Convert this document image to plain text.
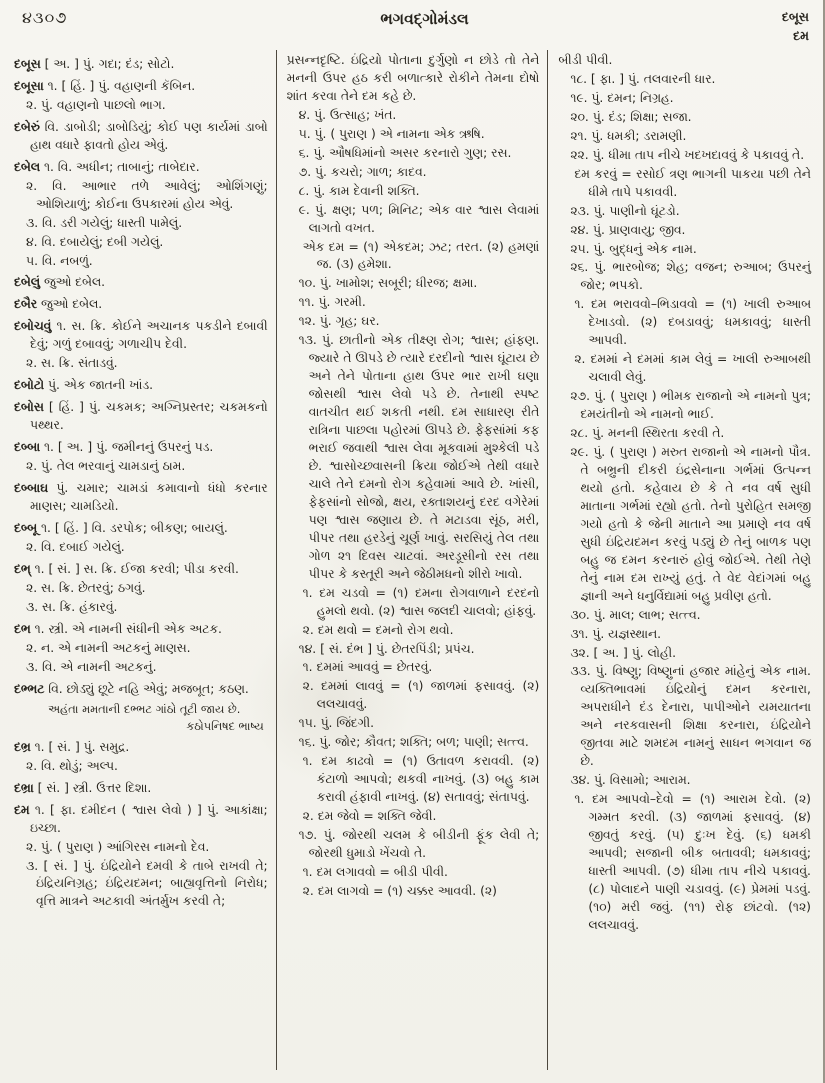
૪૩૦૭	ભગવદ્ગોમંડલ	દબૂસ
દમ

દબૂસ [ અ. ] પું. ગદા; દંડ; સોટો.

દબૂસા ૧. [ હિં. ] પું. વહાણની કૅબિન.

૨. પું. વહાણનો પાછલો ભાગ.

દબેરું વિ. ડાબોડી; ડાબોડિયું; કોઈ પણ કાર્યમાં ડાબો હાથ વધારે ફાવતો હોય એવું.

દબેલ ૧. વિ. અધીન; તાબાનું; તાબેદાર.

૨. વિ. આભાર તળે આવેલું; ઓશિંગણું; ઓશિયાળું; કોઈના ઉપકારમાં હોય એવું.

૩. વિ. ડરી ગયેલું; ધાસ્તી પામેલું.

૪. વિ. દબાયેલું; દબી ગયેલું.

૫. વિ. નબળું.

દબેલું જુઓ દબેલ.

દબૈર જુઓ દબેલ.

દબોચવું ૧. સ. ક્રિ. કોઈને અચાનક પકડીને દબાવી દેવું; ગળું દબાવવું; ગળાચીપ દેવી.

૨. સ. ક્રિ. સંતાડવું.

દબોટો પું. એક જાતની ખાંડ.

દબોસ [ હિં. ] પું. ચકમક; અગ્નિપ્રસ્તર; ચકમકનો પથ્થર.

દબ્બા ૧. [ અ. ] પું. જમીનનું ઉપરનું પડ.

૨. પું. તેલ ભરવાનું ચામડાનું ઠામ.

દબ્બાઘ પું. ચમાર; ચામડાં કમાવાનો ધંધો કરનાર માણસ; ચામડિયો.

દબ્બૂ ૧. [ હિં. ] વિ. ડરપોક; બીકણ; બાયલું.

૨. વિ. દબાઈ ગયેલું.

દભ્ ૧. [ સં. ] સ. ક્રિ. ઈજા કરવી; પીડા કરવી.

૨. સ. ક્રિ. છેતરવું; ઠગવું.

૩. સ. ક્રિ. હંકારવું.

દભ ૧. સ્ત્રી. એ નામની સંધીની એક અટક.

૨. ન. એ નામની અટકનું માણસ.

૩. વિ. એ નામની અટકનું.

દભ્ભટ વિ. છોડ્યું છૂટે નહિ એવું; મજબૂત; કઠણ.

અહંતા મમતાની દભ્ભટ ગાંઠો તૂટી જાય છે.

કઠોપનિષદ ભાષ્ય

દભ્ર ૧. [ સં. ] પું. સમુદ્ર.

૨. વિ. થોડું; અલ્પ.

દભ્રા [ સં. ] સ્ત્રી. ઉત્તર દિશા.

દમ ૧. [ ફા. દમીદન ( શ્વાસ લેવો ) ] પું. આકાંક્ષા; ઇચ્છા.

૨. પું. ( પુરાણ ) આંગિરસ નામનો દેવ.

૩. [ સં. ] પું. ઇંદ્રિયોને દમવી કે તાબે રાખવી તે; ઇંદ્રિયનિગ્રહ; ઇંદ્રિયદમન; બાહ્યવૃત્તિનો નિરોધ; વૃત્તિ માત્રને અટકાવી અંતર્મુખ કરવી તે;

પ્રસન્નદૃષ્ટિ. ઇંદ્રિયો પોતાના દુર્ગુણો ન છોડે તો તેને મનની ઉપર હઠ કરી બળાત્કારે રોકીને તેમના દોષો શાંત કરવા તેને દમ કહે છે.

૪. પું. ઉત્સાહ; ખંત.

૫. પું. ( પુરાણ ) એ નામના એક ઋષિ.

૬. પું. ઔષધિમાંનો અસર કરનારો ગુણ; રસ.

૭. પું. કચરો; ગાળ; કાદવ.

૮. પું. કામ દેવાની શક્તિ.

૯. પું. ક્ષણ; પળ; મિનિટ; એક વાર શ્વાસ લેવામાં લાગતો વખત.

એક દમ = (૧) એકદમ; ઝટ; તરત. (૨) હમણાં જ. (૩) હમેશા.

૧૦. પું. ખામોશ; સબૂરી; ધીરજ; ક્ષમા.

૧૧. પું. ગરમી.

૧૨. પું. ગૃહ; ઘર.

૧૩. પું. છાતીનો એક તીક્ષ્ણ રોગ; શ્વાસ; હાંફણ. જ્યારે તે ઊપડે છે ત્યારે દરદીનો શ્વાસ ઘૂંટાય છે અને તેને પોતાના હાથ ઉપર ભાર રાખી ઘણા જોસથી શ્વાસ લેવો પડે છે. તેનાથી સ્પષ્ટ વાતચીત થઈ શકતી નથી. દમ સાધારણ રીતે રાત્રિના પાછલા પહોરમાં ઊપડે છે. ફેફસાંમાં કફ ભરાઈ જવાથી શ્વાસ લેવા મૂકવામાં મુશ્કેલી પડે છે. શ્વાસોચ્છ્વાસની ક્રિયા જોઈએ તેથી વધારે ચાલે તેને દમનો રોગ કહેવામાં આવે છે. ખાંસી, ફેફસાંનો સોજો, ક્ષય, રક્તાશયનું દરદ વગેરેમાં પણ શ્વાસ જણાય છે. તે મટાડવા સૂંઠ, મરી, પીપર તથા હરડેનું ચૂર્ણ ખાવું. સરસિયું તેલ તથા ગોળ ૨૧ દિવસ ચાટવાં. અરડૂસીનો રસ તથા પીપર કે કસ્તૂરી અને જેઠીમધનો શીરો ખાવો.

૧. દમ ચડવો = (૧) દમના રોગવાળાને દરદનો હુમલો થવો. (૨) શ્વાસ જલદી ચાલવો; હાંફવું.

૨. દમ થવો = દમનો રોગ થવો.

૧૪. [ સં. દંભ ] પું. છેતરપિંડી; પ્રપંચ.

૧. દમમાં આવવું = છેતરવું.

૨. દમમાં લાવવું = (૧) જાળમાં ફસાવવું. (૨) લલચાવવું.

૧૫. પું. જિંદગી.

૧૬. પું. જોર; કૌવત; શક્તિ; બળ; પાણી; સત્ત્વ.

૧. દમ કાઢવો = (૧) ઉતાવળ કરાવવી. (૨) કંટાળો આપવો; થકવી નાખવું. (૩) બહુ કામ કરાવી હંફાવી નાખવું. (૪) સતાવવું; સંતાપવું.

૨. દમ જેવો = શક્તિ જેવી.

૧૭. પું. જોરથી ચલમ કે બીડીની ફૂંક લેવી તે; જોરથી ધુમાડો ખેંચવો તે.

૧. દમ લગાવવો = બીડી પીવી.

૨. દમ લાગવો = (૧) ચક્કર આવવી. (૨)

બીડી પીવી.

૧૮. [ ફા. ] પું. તલવારની ધાર.

૧૯. પું. દમન; નિગ્રહ.

૨૦. પું. દંડ; શિક્ષા; સજા.

૨૧. પું. ધમકી; ડરામણી.

૨૨. પું. ધીમા તાપ નીચે ખદખદાવવું કે પકાવવું તે.

દમ કરવું = રસોઈ ત્રણ ભાગની પાકયા પછી તેને ધીમે તાપે પકાવવી.

૨૩. પું. પાણીનો ઘૂંટડો.

૨૪. પું. પ્રાણવાયુ; જીવ.

૨૫. પું. બુદ્ધનું એક નામ.

૨૬. પું. ભારબોજ; શેહ; વજન; રુઆબ; ઉપરનું જોર; ભપકો.

૧. દમ ભરાવવો–ભિડાવવો = (૧) ખાલી રુઆબ દેખાડવો. (૨) દબડાવવું; ધમકાવવું; ધાસ્તી આપવી.

૨. દમમાં ને દમમાં કામ લેવું = ખાલી રુઆબથી ચલાવી લેવું.

૨૭. પું. ( પુરાણ ) ભીમક રાજાનો એ નામનો પુત્ર; દમયંતીનો એ નામનો ભાઈ.

૨૮. પું. મનની સ્થિરતા કરવી તે.

૨૯. પું. ( પુરાણ ) મરુત રાજાનો એ નામનો પૌત્ર. તે બભ્રુની દીકરી ઇંદ્રસેનાના ગર્ભમાં ઉત્પન્ન થયો હતો. કહેવાય છે કે તે નવ વર્ષ સુધી માતાના ગર્ભમાં રહ્યો હતો. તેનો પુરોહિત સમજી ગયો હતો કે જેની માતાને આ પ્રમાણે નવ વર્ષ સુધી ઇંદ્રિયદમન કરવું પડ્યું છે તેનું બાળક પણ બહુ જ દમન કરનારું હોવું જોઈએ. તેથી તેણે તેનું નામ દમ રાખ્યું હતું. તે વેદ વેદાંગમાં બહુ જ્ઞાની અને ધનુર્વિદ્યામાં બહુ પ્રવીણ હતો.

૩૦. પું. માલ; લાભ; સત્ત્વ.

૩૧. પું. યજ્ઞસ્થાન.

૩૨. [ અ. ] પું. લોહી.

૩૩. પું. વિષ્ણુ; વિષ્ણુનાં હજાર માંહેનું એક નામ. વ્યક્તિભાવમાં ઇંદ્રિયોનું દમન કરનારા, અપરાધીને દંડ દેનારા, પાપીઓને યમયાતના અને નરકવાસની શિક્ષા કરનારા, ઇંદ્રિયોને જીતવા માટે શમદમ નામનું સાધન ભગવાન જ છે.

૩૪. પું. વિસામો; આરામ.

૧. દમ આપવો–દેવો = (૧) આરામ દેવો. (૨) ગમ્મત કરવી. (૩) જાળમાં ફસાવવું. (૪) જીવતું કરવું. (૫) દુઃખ દેવું. (૬) ધમકી આપવી; સજાની બીક બતાવવી; ધમકાવવું; ધાસ્તી આપવી. (૭) ધીમા તાપ નીચે પકાવવું. (૮) પોલાદને પાણી ચડાવવું. (૯) પ્રેમમાં પડવું. (૧૦) મરી જવું. (૧૧) રોફ છાંટવો. (૧૨) લલચાવવું.
